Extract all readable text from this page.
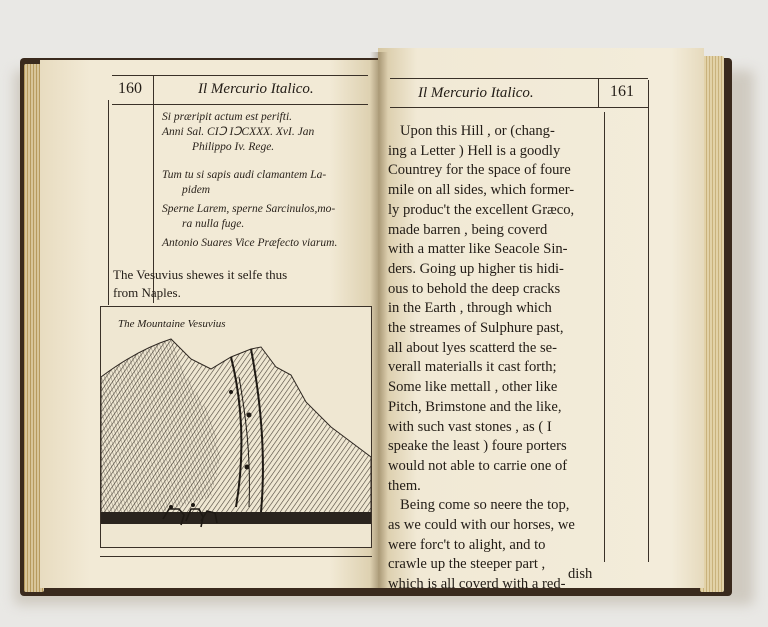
160	Il Mercurio Italico.
Si prӕripit actum est perifti.
Anni Sal. CIↃ IↃCXXX. XvI. Jan
Philippo Iv. Rege.
Tum tu si sapis audi clamantem La-
pidem
Sperne Larem, sperne Sarcinulos,mo-
ra nulla fuge.
Antonio Suares Vice Prӕfecto viarum.
The Vesuvius shewes it selfe thus
from Naples.
The Mountaine Vesuvius
Il Mercurio Italico.	161
Upon this Hill , or (chang-
ing a Letter ) Hell is a goodly
Countrey for the space of foure
mile on all sides, which former-
ly produc't the excellent Grӕco,
made barren , being coverd
with a matter like Seacole Sin-
ders. Going up higher tis hidi-
ous to behold the deep cracks
in the Earth , through which
the streames of Sulphure past,
all about lyes scatterd the se-
verall materialls it cast forth;
Some like mettall , other like
Pitch, Brimstone and the like,
with such vast stones , as ( I
speake the least ) foure porters
would not able to carrie one of
them.
Being come so neere the top,
as we could with our horses, we
were forc't to alight, and to
crawle up the steeper part ,
which is all coverd with a red-
dish
